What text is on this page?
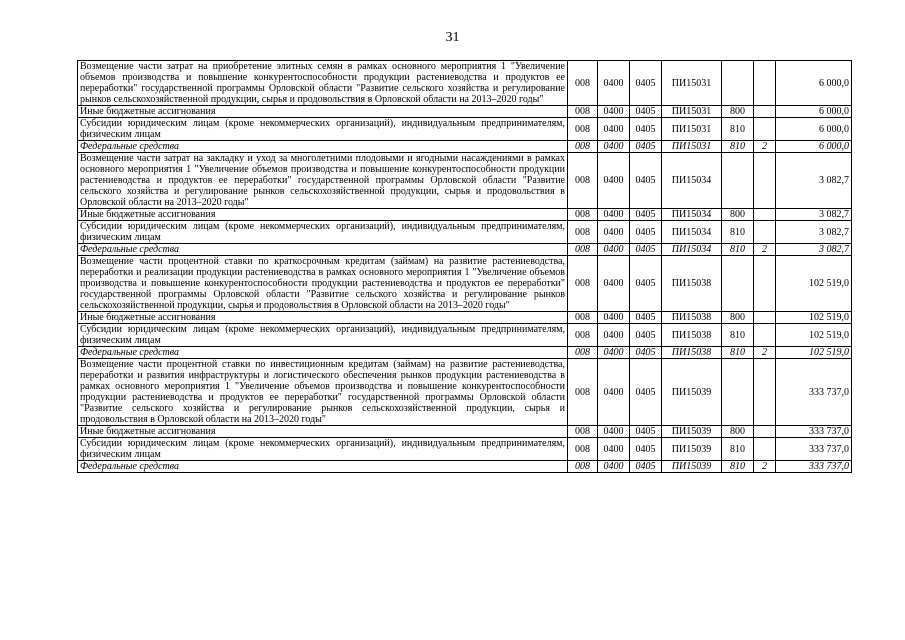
31
Возмещение части затрат на приобретение элитных семян в рамках основного мероприятия 1 "Увеличение объемов производства и повышение конкурентоспособности продукции растениеводства и продуктов ее переработки" государственной программы Орловской области "Развитие сельского хозяйства и регулирование рынков сельскохозяйственной продукции, сырья и продовольствия в Орловской области на 2013–2020 годы"	008	0400	0405	ПИ15031			6 000,0
Иные бюджетные ассигнования	008	0400	0405	ПИ15031	800		6 000,0
Субсидии юридическим лицам (кроме некоммерческих организаций), индивидуальным предпринимателям, физическим лицам	008	0400	0405	ПИ15031	810		6 000,0
Федеральные средства	008	0400	0405	ПИ15031	810	2	6 000,0
Возмещение части затрат на закладку и уход за многолетними плодовыми и ягодными насаждениями в рамках основного мероприятия 1 "Увеличение объемов производства и повышение конкурентоспособности продукции растениеводства и продуктов ее переработки" государственной программы Орловской области "Развитие сельского хозяйства и регулирование рынков сельскохозяйственной продукции, сырья и продовольствия в Орловской области на 2013–2020 годы"	008	0400	0405	ПИ15034			3 082,7
Иные бюджетные ассигнования	008	0400	0405	ПИ15034	800		3 082,7
Субсидии юридическим лицам (кроме некоммерческих организаций), индивидуальным предпринимателям, физическим лицам	008	0400	0405	ПИ15034	810		3 082,7
Федеральные средства	008	0400	0405	ПИ15034	810	2	3 082,7
Возмещение части процентной ставки по краткосрочным кредитам (займам) на развитие растениеводства, переработки и реализации продукции растениеводства в рамках основного мероприятия 1 "Увеличение объемов производства и повышение конкурентоспособности продукции растениеводства и продуктов ее переработки" государственной программы Орловской области "Развитие сельского хозяйства и регулирование рынков сельскохозяйственной продукции, сырья и продовольствия в Орловской области на 2013–2020 годы"	008	0400	0405	ПИ15038			102 519,0
Иные бюджетные ассигнования	008	0400	0405	ПИ15038	800		102 519,0
Субсидии юридическим лицам (кроме некоммерческих организаций), индивидуальным предпринимателям, физическим лицам	008	0400	0405	ПИ15038	810		102 519,0
Федеральные средства	008	0400	0405	ПИ15038	810	2	102 519,0
Возмещение части процентной ставки по инвестиционным кредитам (займам) на развитие растениеводства, переработки и развития инфраструктуры и логистического обеспечения рынков продукции растениеводства в рамках основного мероприятия 1 "Увеличение объемов производства и повышение конкурентоспособности продукции растениеводства и продуктов ее переработки" государственной программы Орловской области "Развитие сельского хозяйства и регулирование рынков сельскохозяйственной продукции, сырья и продовольствия в Орловской области на 2013–2020 годы"	008	0400	0405	ПИ15039			333 737,0
Иные бюджетные ассигнования	008	0400	0405	ПИ15039	800		333 737,0
Субсидии юридическим лицам (кроме некоммерческих организаций), индивидуальным предпринимателям, физическим лицам	008	0400	0405	ПИ15039	810		333 737,0
Федеральные средства	008	0400	0405	ПИ15039	810	2	333 737,0
